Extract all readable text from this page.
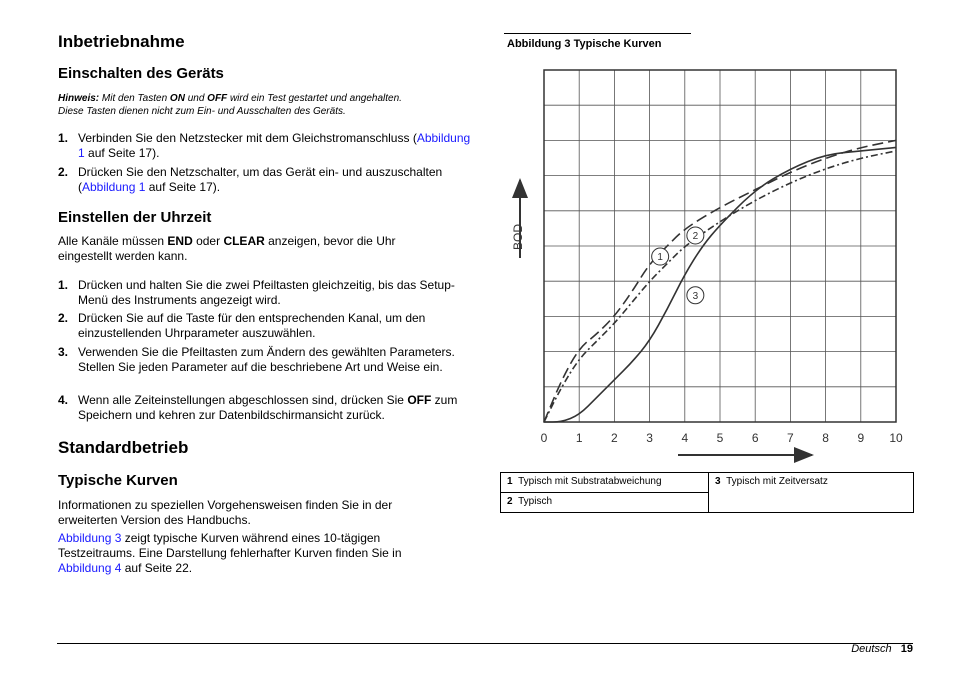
Inbetriebnahme
Einschalten des Geräts
Hinweis: Mit den Tasten ON und OFF wird ein Test gestartet und angehalten.
Diese Tasten dienen nicht zum Ein- und Ausschalten des Geräts.
1. Verbinden Sie den Netzstecker mit dem Gleichstromanschluss (Abbildung 1 auf Seite 17).
2. Drücken Sie den Netzschalter, um das Gerät ein- und auszuschalten (Abbildung 1 auf Seite 17).
Einstellen der Uhrzeit
Alle Kanäle müssen END oder CLEAR anzeigen, bevor die Uhr eingestellt werden kann.
1. Drücken und halten Sie die zwei Pfeiltasten gleichzeitig, bis das Setup-Menü des Instruments angezeigt wird.
2. Drücken Sie auf die Taste für den entsprechenden Kanal, um den einzustellenden Uhrparameter auszuwählen.
3. Verwenden Sie die Pfeiltasten zum Ändern des gewählten Parameters. Stellen Sie jeden Parameter auf die beschriebene Art und Weise ein.
4. Wenn alle Zeiteinstellungen abgeschlossen sind, drücken Sie OFF zum Speichern und kehren zur Datenbildschirmansicht zurück.
Standardbetrieb
Typische Kurven
Informationen zu speziellen Vorgehensweisen finden Sie in der erweiterten Version des Handbuchs.
Abbildung 3 zeigt typische Kurven während eines 10-tägigen Testzeitraums. Eine Darstellung fehlerhafter Kurven finden Sie in Abbildung 4 auf Seite 22.
Abbildung 3 Typische Kurven
1
2
3
0 1 2 3 4 5 6 7 8 9 10
BOD
1 Typisch mit Substratabweichung	3 Typisch mit Zeitversatz
2 Typisch
Deutsch 19
